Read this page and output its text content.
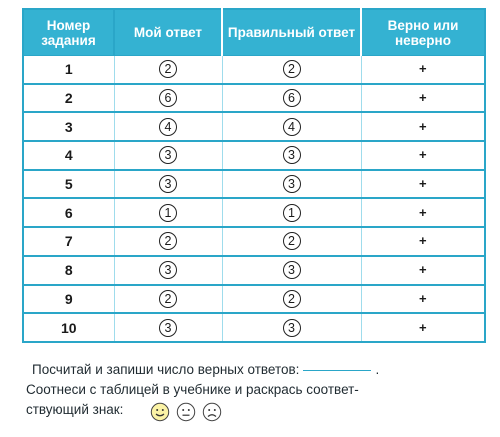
Номер задания	Мой ответ	Правильный ответ	Верно или неверно
1	2	2	+
2	6	6	+
3	4	4	+
4	3	3	+
5	3	3	+
6	1	1	+
7	2	2	+
8	3	3	+
9	2	2	+
10	3	3	+
Посчитай и запиши число верных ответов:	.
Соотнеси с таблицей в учебнике и раскрась соответ-
ствующий знак:
